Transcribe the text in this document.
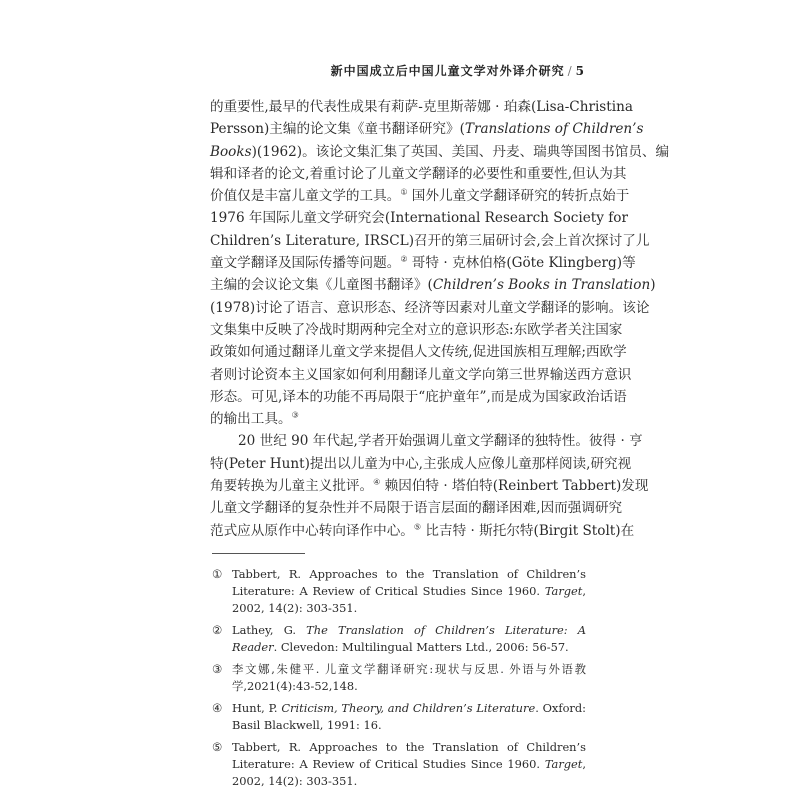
新中国成立后中国儿童文学对外译介研究 / 5
的重要性,最早的代表性成果有莉萨-克里斯蒂娜 · 珀森(Lisa-Christina
Persson)主编的论文集《童书翻译研究》(Translations of Children’s
Books)(1962)。该论文集汇集了英国、美国、丹麦、瑞典等国图书馆员、编
辑和译者的论文,着重讨论了儿童文学翻译的必要性和重要性,但认为其
价值仅是丰富儿童文学的工具。① 国外儿童文学翻译研究的转折点始于
1976 年国际儿童文学研究会(International Research Society for
Children’s Literature, IRSCL)召开的第三届研讨会,会上首次探讨了儿
童文学翻译及国际传播等问题。② 哥特 · 克林伯格(Göte Klingberg)等
主编的会议论文集《儿童图书翻译》(Children’s Books in Translation)
(1978)讨论了语言、意识形态、经济等因素对儿童文学翻译的影响。该论
文集集中反映了冷战时期两种完全对立的意识形态:东欧学者关注国家
政策如何通过翻译儿童文学来提倡人文传统,促进国族相互理解;西欧学
者则讨论资本主义国家如何利用翻译儿童文学向第三世界输送西方意识
形态。可见,译本的功能不再局限于“庇护童年”,而是成为国家政治话语
的输出工具。③
20 世纪 90 年代起,学者开始强调儿童文学翻译的独特性。彼得 · 亨
特(Peter Hunt)提出以儿童为中心,主张成人应像儿童那样阅读,研究视
角要转换为儿童主义批评。④ 赖因伯特 · 塔伯特(Reinbert Tabbert)发现
儿童文学翻译的复杂性并不局限于语言层面的翻译困难,因而强调研究
范式应从原作中心转向译作中心。⑤ 比吉特 · 斯托尔特(Birgit Stolt)在
① Tabbert, R. Approaches to the Translation of Children’s Literature: A Review of Critical Studies Since 1960. Target, 2002, 14(2): 303-351.
② Lathey, G. The Translation of Children’s Literature: A Reader. Clevedon: Multilingual Matters Ltd., 2006: 56-57.
③ 李文娜,朱健平. 儿童文学翻译研究:现状与反思. 外语与外语教学,2021(4):43-52,148.
④ Hunt, P. Criticism, Theory, and Children’s Literature. Oxford: Basil Blackwell, 1991: 16.
⑤ Tabbert, R. Approaches to the Translation of Children’s Literature: A Review of Critical Studies Since 1960. Target, 2002, 14(2): 303-351.
